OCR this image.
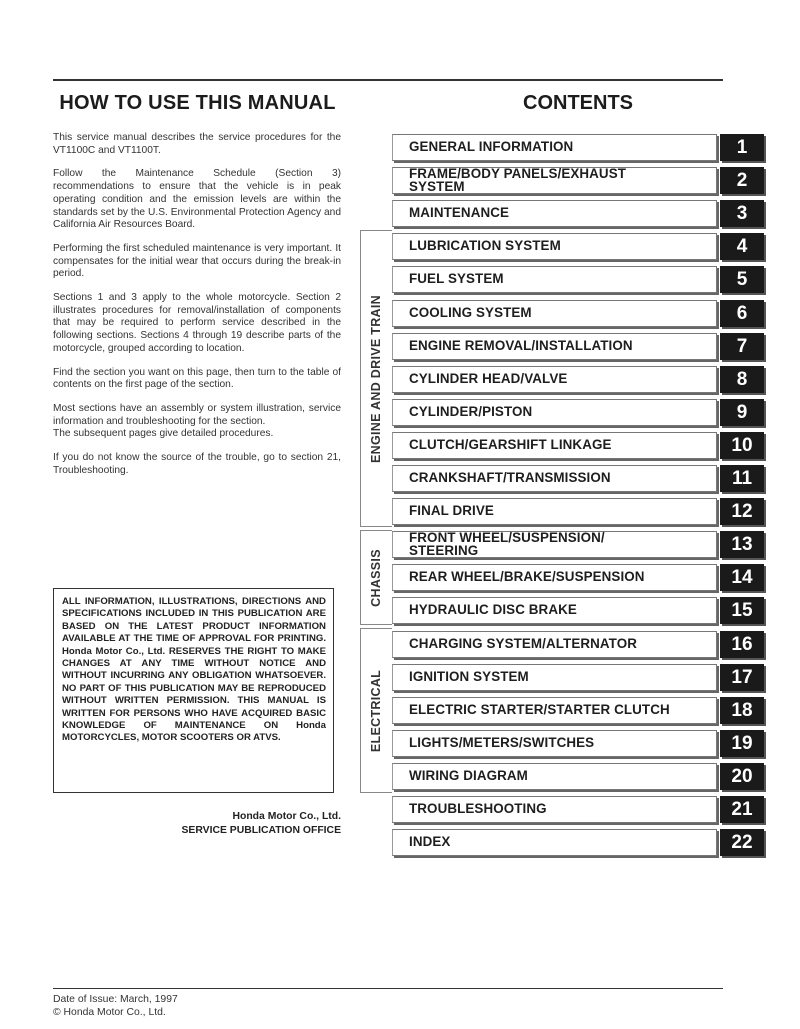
HOW TO USE THIS MANUAL	CONTENTS

This service manual describes the service procedures for the VT1100C and VT1100T.

Follow the Maintenance Schedule (Section 3) recommendations to ensure that the vehicle is in peak operating condition and the emission levels are within the standards set by the U.S. Environmental Protection Agency and California Air Resources Board.

Performing the first scheduled maintenance is very important. It compensates for the initial wear that occurs during the break-in period.

Sections 1 and 3 apply to the whole motorcycle. Section 2 illustrates procedures for removal/installation of components that may be required to perform service described in the following sections. Sections 4 through 19 describe parts of the motorcycle, grouped according to location.

Find the section you want on this page, then turn to the table of contents on the first page of the section.

Most sections have an assembly or system illustration, service information and troubleshooting for the section.
The subsequent pages give detailed procedures.

If you do not know the source of the trouble, go to section 21, Troubleshooting.

ALL INFORMATION, ILLUSTRATIONS, DIRECTIONS AND SPECIFICATIONS INCLUDED IN THIS PUBLICATION ARE BASED ON THE LATEST PRODUCT INFORMATION AVAILABLE AT THE TIME OF APPROVAL FOR PRINTING. Honda Motor Co., Ltd. RESERVES THE RIGHT TO MAKE CHANGES AT ANY TIME WITHOUT NOTICE AND WITHOUT INCURRING ANY OBLIGATION WHATSOEVER. NO PART OF THIS PUBLICATION MAY BE REPRODUCED WITHOUT WRITTEN PERMISSION. THIS MANUAL IS WRITTEN FOR PERSONS WHO HAVE ACQUIRED BASIC KNOWLEDGE OF MAINTENANCE ON Honda MOTORCYCLES, MOTOR SCOOTERS OR ATVS.
Honda Motor Co., Ltd.
SERVICE PUBLICATION OFFICE
ENGINE AND DRIVE TRAIN
CHASSIS
ELECTRICAL
GENERAL INFORMATION	1
FRAME/BODY PANELS/EXHAUST
SYSTEM	2
MAINTENANCE	3
LUBRICATION SYSTEM	4
FUEL SYSTEM	5
COOLING SYSTEM	6
ENGINE REMOVAL/INSTALLATION	7
CYLINDER HEAD/VALVE	8
CYLINDER/PISTON	9
CLUTCH/GEARSHIFT LINKAGE	10
CRANKSHAFT/TRANSMISSION	11
FINAL DRIVE	12
FRONT WHEEL/SUSPENSION/
STEERING	13
REAR WHEEL/BRAKE/SUSPENSION	14
HYDRAULIC DISC BRAKE	15
CHARGING SYSTEM/ALTERNATOR	16
IGNITION SYSTEM	17
ELECTRIC STARTER/STARTER CLUTCH	18
LIGHTS/METERS/SWITCHES	19
WIRING DIAGRAM	20
TROUBLESHOOTING	21
INDEX	22
Date of Issue: March, 1997
© Honda Motor Co., Ltd.
